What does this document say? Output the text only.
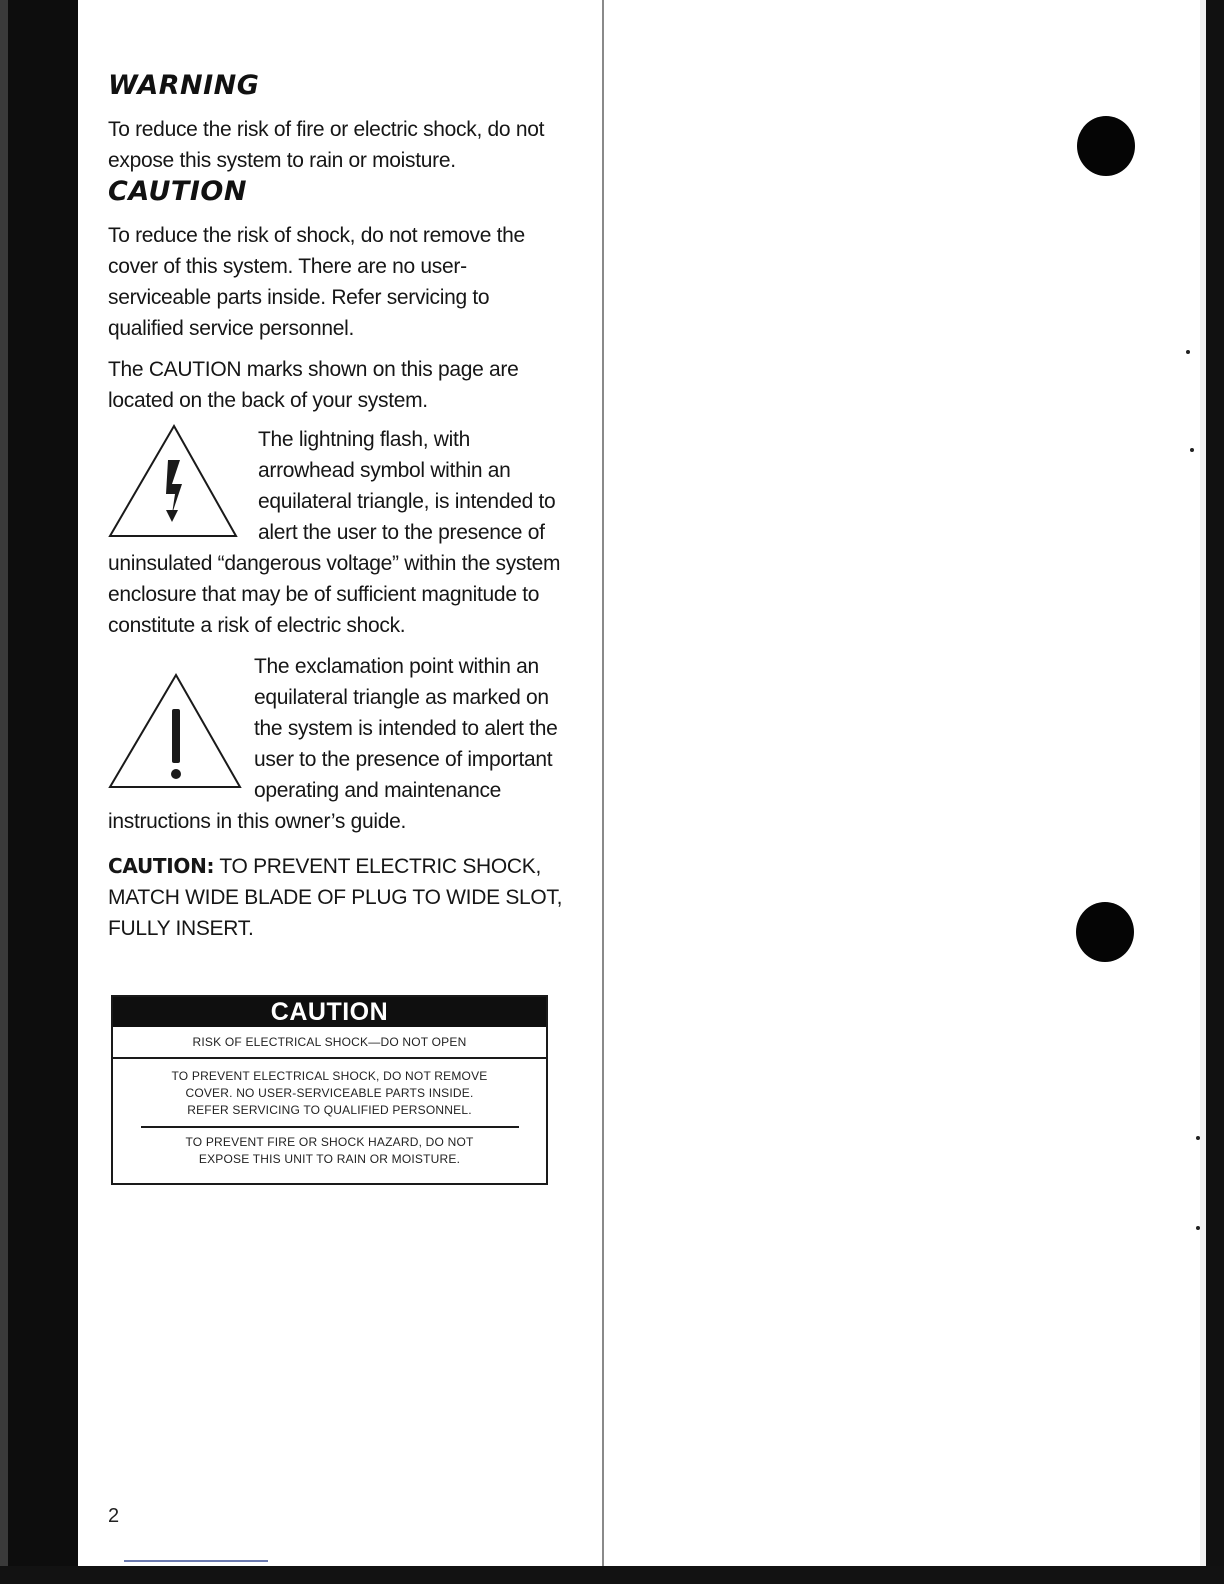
WARNING

To reduce the risk of fire or electric shock, do not expose this system to rain or moisture.

CAUTION

To reduce the risk of shock, do not remove the cover of this system. There are no user-serviceable parts inside. Refer servicing to qualified service personnel.

The CAUTION marks shown on this page are located on the back of your system.

The lightning flash, with arrowhead symbol within an equilateral triangle, is intended to alert the user to the presence of uninsulated “dangerous voltage” within the system enclosure that may be of sufficient magnitude to constitute a risk of electric shock.

The exclamation point within an equilateral triangle as marked on the system is intended to alert the user to the presence of important operating and maintenance instructions in this owner’s guide.

CAUTION: TO PREVENT ELECTRIC SHOCK, MATCH WIDE BLADE OF PLUG TO WIDE SLOT, FULLY INSERT.

CAUTION
RISK OF ELECTRICAL SHOCK—DO NOT OPEN
TO PREVENT ELECTRICAL SHOCK, DO NOT REMOVE
COVER. NO USER-SERVICEABLE PARTS INSIDE.
REFER SERVICING TO QUALIFIED PERSONNEL.
TO PREVENT FIRE OR SHOCK HAZARD, DO NOT
EXPOSE THIS UNIT TO RAIN OR MOISTURE.
2
